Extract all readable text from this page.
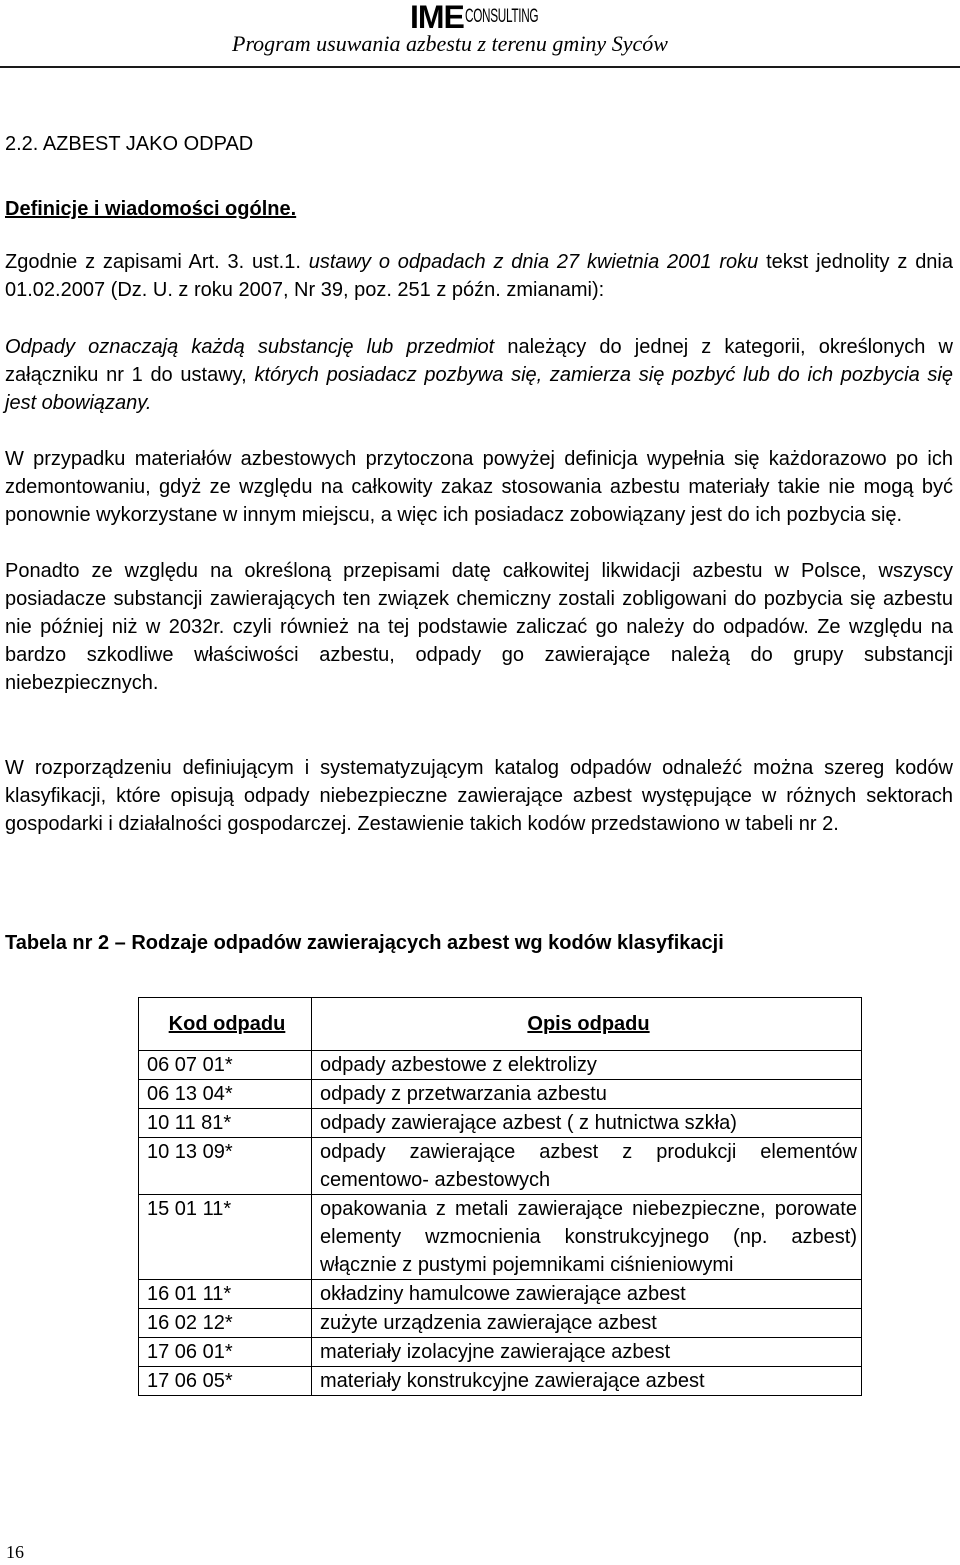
IMECONSULTING
Program usuwania azbestu z terenu gminy Syców
2.2. AZBEST JAKO ODPAD
Definicje i wiadomości ogólne.
Zgodnie z zapisami Art. 3. ust.1. ustawy o odpadach z dnia 27 kwietnia 2001 roku tekst jednolity z dnia 01.02.2007 (Dz. U. z roku 2007, Nr 39, poz. 251 z późn. zmianami):
Odpady oznaczają każdą substancję lub przedmiot należący do jednej z kategorii, określonych w załączniku nr 1 do ustawy, których posiadacz pozbywa się, zamierza się pozbyć lub do ich pozbycia się jest obowiązany.
W przypadku materiałów azbestowych przytoczona powyżej definicja wypełnia się każdorazowo po ich zdemontowaniu, gdyż ze względu na całkowity zakaz stosowania azbestu materiały takie nie mogą być ponownie wykorzystane w innym miejscu, a więc ich posiadacz zobowiązany jest do ich pozbycia się.
Ponadto ze względu na określoną przepisami datę całkowitej likwidacji azbestu w Polsce, wszyscy posiadacze substancji zawierających ten związek chemiczny zostali zobligowani do pozbycia się azbestu nie później niż w 2032r. czyli również na tej podstawie zaliczać go należy do odpadów. Ze względu na bardzo szkodliwe właściwości azbestu, odpady go zawierające należą do grupy substancji niebezpiecznych.
W rozporządzeniu definiującym i systematyzującym katalog odpadów odnaleźć można szereg kodów klasyfikacji, które opisują odpady niebezpieczne zawierające azbest występujące w różnych sektorach gospodarki i działalności gospodarczej. Zestawienie takich kodów przedstawiono w tabeli nr 2.
Tabela nr 2 – Rodzaje odpadów zawierających azbest wg kodów klasyfikacji
Kod odpadu	Opis odpadu
06 07 01*	odpady azbestowe z elektrolizy
06 13 04*	odpady z przetwarzania azbestu
10 11 81*	odpady zawierające azbest ( z hutnictwa szkła)
10 13 09*	odpady zawierające azbest z produkcji elementów cementowo- azbestowych
15 01 11*	opakowania z metali zawierające niebezpieczne, porowate elementy wzmocnienia konstrukcyjnego (np. azbest) włącznie z pustymi pojemnikami ciśnieniowymi
16 01 11*	okładziny hamulcowe zawierające azbest
16 02 12*	zużyte urządzenia zawierające azbest
17 06 01*	materiały izolacyjne zawierające azbest
17 06 05*	materiały konstrukcyjne zawierające azbest
16
